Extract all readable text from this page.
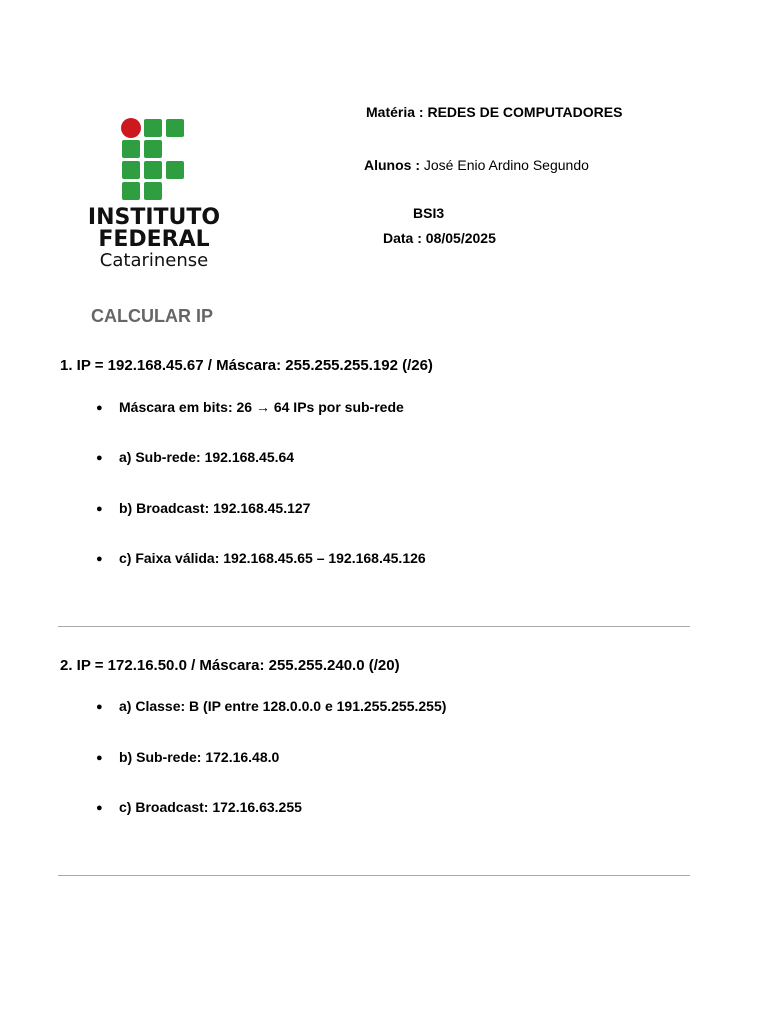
INSTITUTO
FEDERAL
Catarinense
Matéria : REDES DE COMPUTADORES
Alunos : José Enio Ardino Segundo
BSI3
Data : 08/05/2025
CALCULAR IP
1. IP = 192.168.45.67 / Máscara: 255.255.255.192 (/26)
● Máscara em bits: 26 → 64 IPs por sub-rede
● a) Sub-rede: 192.168.45.64
● b) Broadcast: 192.168.45.127
● c) Faixa válida: 192.168.45.65 – 192.168.45.126
2. IP = 172.16.50.0 / Máscara: 255.255.240.0 (/20)
● a) Classe: B (IP entre 128.0.0.0 e 191.255.255.255)
● b) Sub-rede: 172.16.48.0
● c) Broadcast: 172.16.63.255
